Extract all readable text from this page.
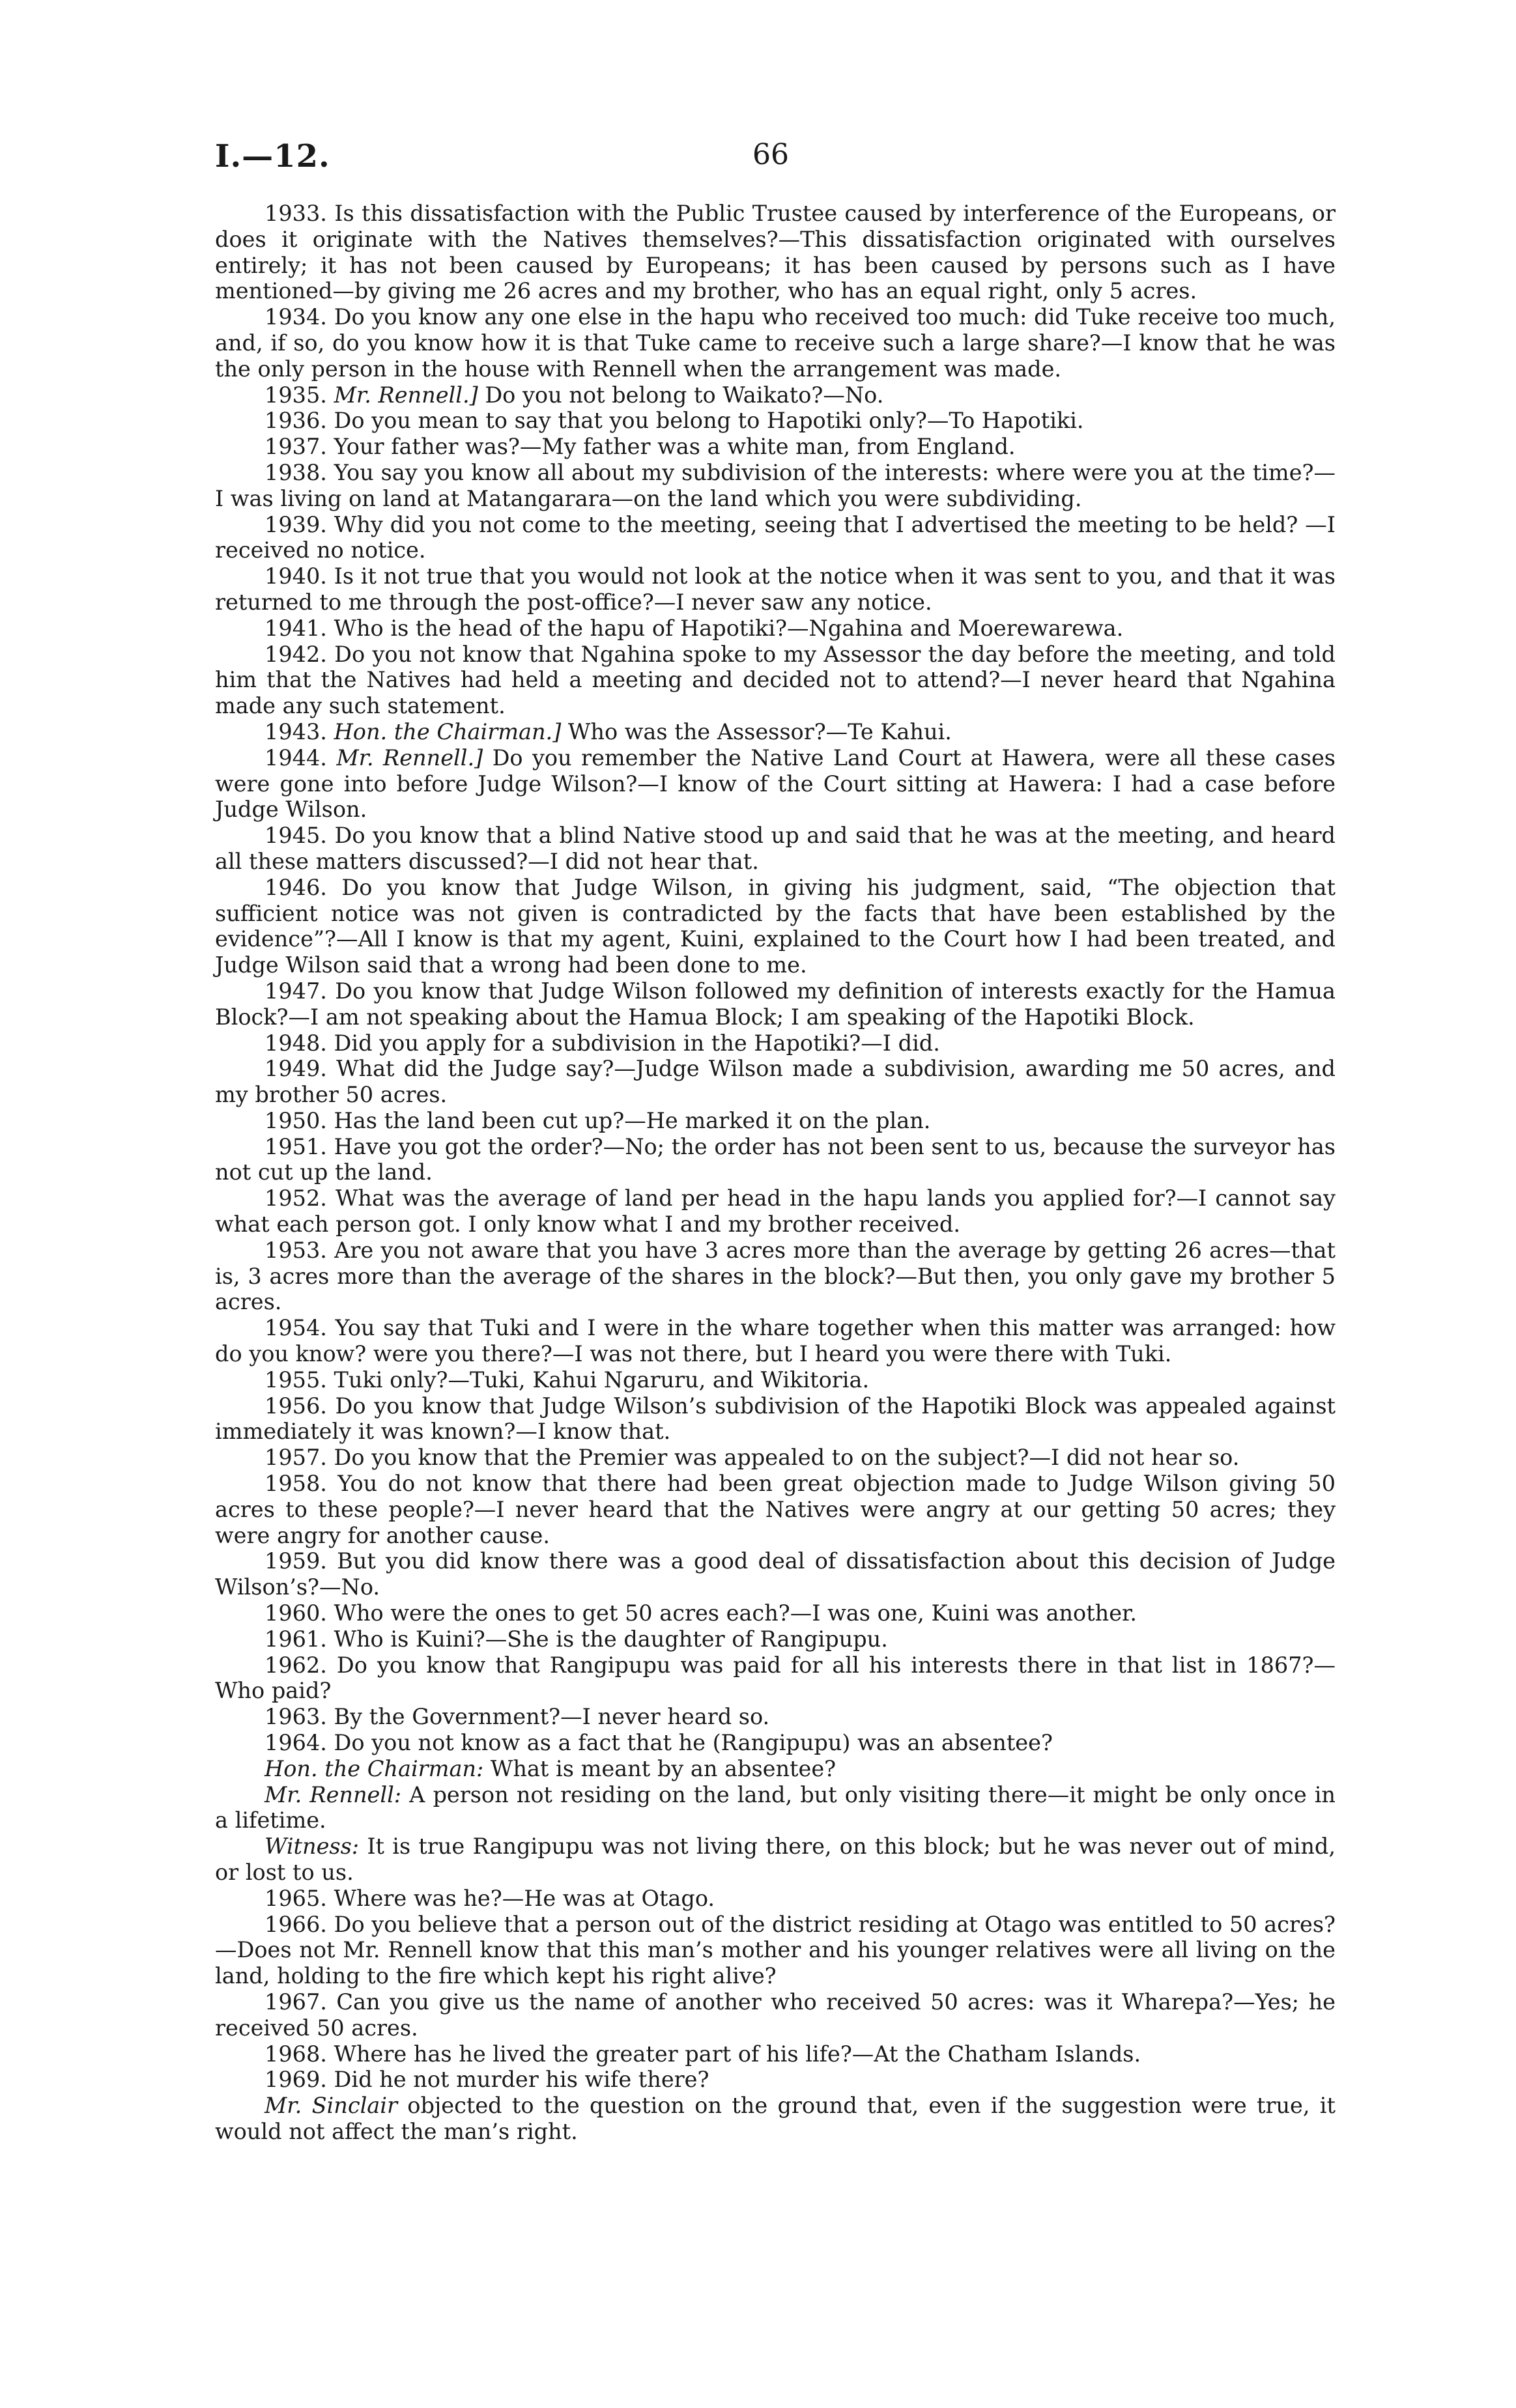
I.—12.	66

1933. Is this dissatisfaction with the Public Trustee caused by interference of the Europeans, or does it originate with the Natives themselves?—This dissatisfaction originated with ourselves entirely; it has not been caused by Europeans; it has been caused by persons such as I have mentioned—by giving me 26 acres and my brother, who has an equal right, only 5 acres.

1934. Do you know any one else in the hapu who received too much: did Tuke receive too much, and, if so, do you know how it is that Tuke came to receive such a large share?—I know that he was the only person in the house with Rennell when the arrangement was made.

1935. Mr. Rennell.] Do you not belong to Waikato?—No.

1936. Do you mean to say that you belong to Hapotiki only?—To Hapotiki.

1937. Your father was?—My father was a white man, from England.

1938. You say you know all about my subdivision of the interests: where were you at the time?—I was living on land at Matangarara—on the land which you were subdividing.

1939. Why did you not come to the meeting, seeing that I advertised the meeting to be held? —I received no notice.

1940. Is it not true that you would not look at the notice when it was sent to you, and that it was returned to me through the post-office?—I never saw any notice.

1941. Who is the head of the hapu of Hapotiki?—Ngahina and Moerewarewa.

1942. Do you not know that Ngahina spoke to my Assessor the day before the meeting, and told him that the Natives had held a meeting and decided not to attend?—I never heard that Ngahina made any such statement.

1943. Hon. the Chairman.] Who was the Assessor?—Te Kahui.

1944. Mr. Rennell.] Do you remember the Native Land Court at Hawera, were all these cases were gone into before Judge Wilson?—I know of the Court sitting at Hawera: I had a case before Judge Wilson.

1945. Do you know that a blind Native stood up and said that he was at the meeting, and heard all these matters discussed?—I did not hear that.

1946. Do you know that Judge Wilson, in giving his judgment, said, “The objection that sufficient notice was not given is contradicted by the facts that have been established by the evidence”?—All I know is that my agent, Kuini, explained to the Court how I had been treated, and Judge Wilson said that a wrong had been done to me.

1947. Do you know that Judge Wilson followed my definition of interests exactly for the Hamua Block?—I am not speaking about the Hamua Block; I am speaking of the Hapotiki Block.

1948. Did you apply for a subdivision in the Hapotiki?—I did.

1949. What did the Judge say?—Judge Wilson made a subdivision, awarding me 50 acres, and my brother 50 acres.

1950. Has the land been cut up?—He marked it on the plan.

1951. Have you got the order?—No; the order has not been sent to us, because the surveyor has not cut up the land.

1952. What was the average of land per head in the hapu lands you applied for?—I cannot say what each person got. I only know what I and my brother received.

1953. Are you not aware that you have 3 acres more than the average by getting 26 acres—that is, 3 acres more than the average of the shares in the block?—But then, you only gave my brother 5 acres.

1954. You say that Tuki and I were in the whare together when this matter was arranged: how do you know? were you there?—I was not there, but I heard you were there with Tuki.

1955. Tuki only?—Tuki, Kahui Ngaruru, and Wikitoria.

1956. Do you know that Judge Wilson’s subdivision of the Hapotiki Block was appealed against immediately it was known?—I know that.

1957. Do you know that the Premier was appealed to on the subject?—I did not hear so.

1958. You do not know that there had been great objection made to Judge Wilson giving 50 acres to these people?—I never heard that the Natives were angry at our getting 50 acres; they were angry for another cause.

1959. But you did know there was a good deal of dissatisfaction about this decision of Judge Wilson’s?—No.

1960. Who were the ones to get 50 acres each?—I was one, Kuini was another.

1961. Who is Kuini?—She is the daughter of Rangipupu.

1962. Do you know that Rangipupu was paid for all his interests there in that list in 1867?—Who paid?

1963. By the Government?—I never heard so.

1964. Do you not know as a fact that he (Rangipupu) was an absentee?

Hon. the Chairman: What is meant by an absentee?

Mr. Rennell: A person not residing on the land, but only visiting there—it might be only once in a lifetime.

Witness: It is true Rangipupu was not living there, on this block; but he was never out of mind, or lost to us.

1965. Where was he?—He was at Otago.

1966. Do you believe that a person out of the district residing at Otago was entitled to 50 acres?—Does not Mr. Rennell know that this man’s mother and his younger relatives were all living on the land, holding to the fire which kept his right alive?

1967. Can you give us the name of another who received 50 acres: was it Wharepa?—Yes; he received 50 acres.

1968. Where has he lived the greater part of his life?—At the Chatham Islands.

1969. Did he not murder his wife there?

Mr. Sinclair objected to the question on the ground that, even if the suggestion were true, it would not affect the man’s right.
